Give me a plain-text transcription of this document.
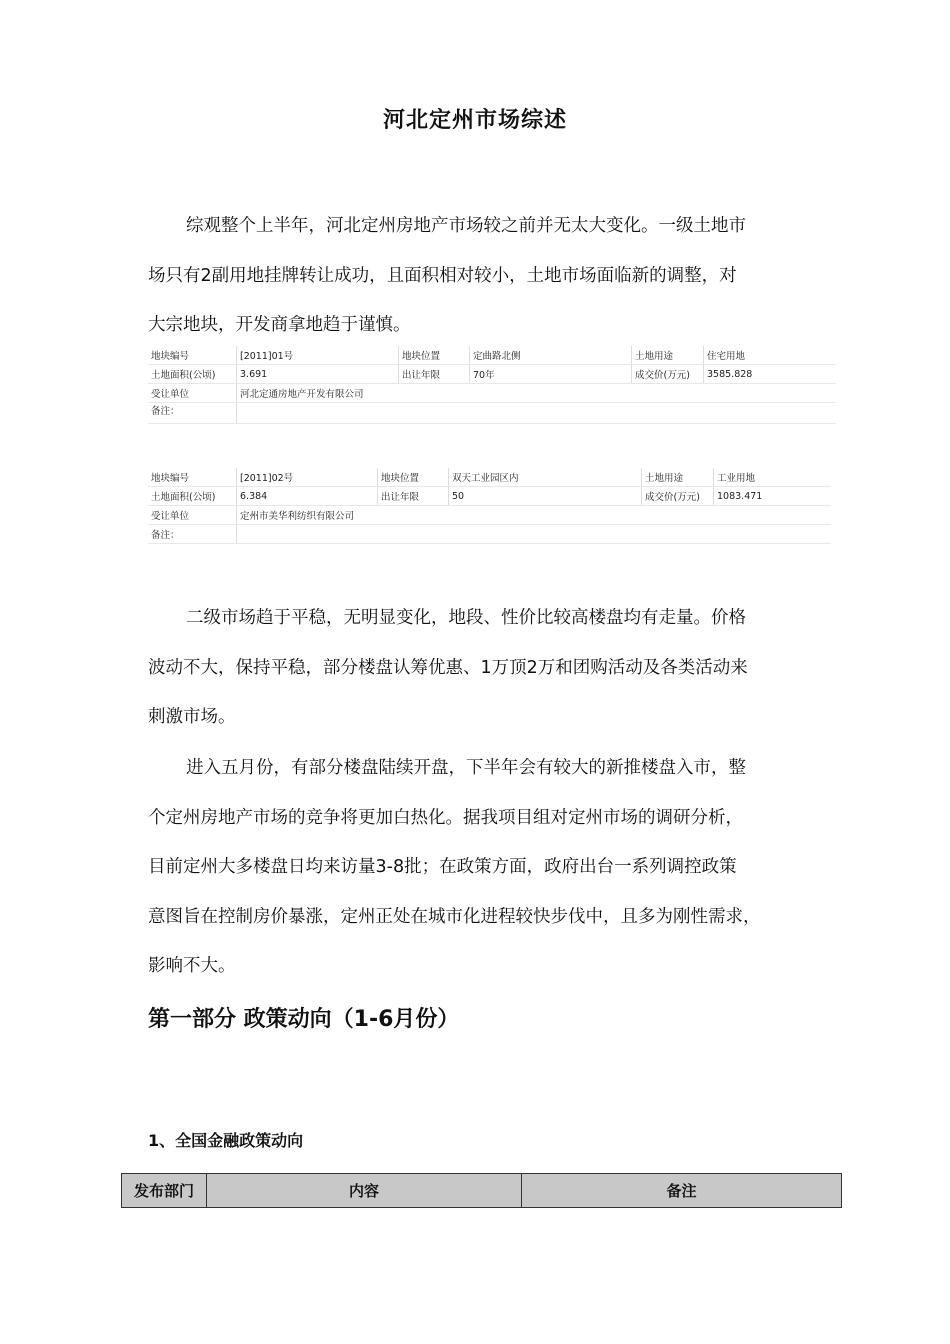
河北定州市场综述

综观整个上半年，河北定州房地产市场较之前并无太大变化。一级土地市
场只有2副用地挂牌转让成功，且面积相对较小，土地市场面临新的调整，对
大宗地块，开发商拿地趋于谨慎。

地块编号	[2011]01号	地块位置	定曲路北侧	土地用途	住宅用地
土地面积(公顷)	3.691	出让年限	70年	成交价(万元)	3585.828
受让单位	河北定通房地产开发有限公司				
备注：					
地块编号	[2011]02号	地块位置	双天工业园区内	土地用途	工业用地
土地面积(公顷)	6.384	出让年限	50	成交价(万元)	1083.471
受让单位	定州市美华利纺织有限公司				
备注：					

二级市场趋于平稳，无明显变化，地段、性价比较高楼盘均有走量。价格
波动不大，保持平稳，部分楼盘认筹优惠、1万顶2万和团购活动及各类活动来
刺激市场。

进入五月份，有部分楼盘陆续开盘，下半年会有较大的新推楼盘入市，整
个定州房地产市场的竞争将更加白热化。据我项目组对定州市场的调研分析，
目前定州大多楼盘日均来访量3-8批；在政策方面，政府出台一系列调控政策
意图旨在控制房价暴涨，定州正处在城市化进程较快步伐中，且多为刚性需求，
影响不大。

第一部分 政策动向（1-6月份）
1、全国金融政策动向
发布部门	内容	备注
